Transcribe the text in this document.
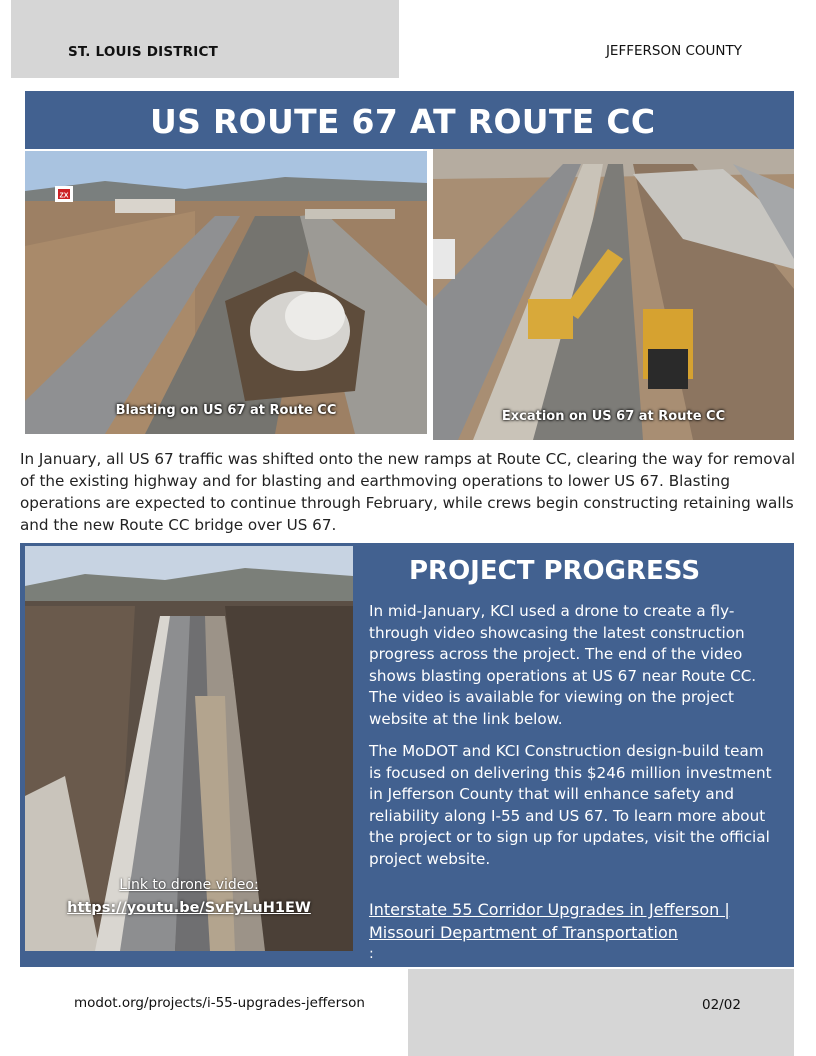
ST. LOUIS DISTRICT	JEFFERSON COUNTY
US ROUTE 67 AT ROUTE CC
ZX
Blasting on US 67 at Route CC	Excation on US 67 at Route CC
In January, all US 67 traffic was shifted onto the new ramps at Route CC, clearing the way for removal of the existing highway and for blasting and earthmoving operations to lower US 67. Blasting operations are expected to continue through February, while crews begin constructing retaining walls and the new Route CC bridge over US 67.
Link to drone video:
https://youtu.be/SvFyLuH1EW
PROJECT PROGRESS
In mid-January, KCI used a drone to create a fly-through video showcasing the latest construction progress across the project. The end of the video shows blasting operations at US 67 near Route CC. The video is available for viewing on the project website at the link below.
The MoDOT and KCI Construction design-build team is focused on delivering this $246 million investment in Jefferson County that will enhance safety and reliability along I-55 and US 67. To learn more about the project or to sign up for updates, visit the official project website.
Interstate 55 Corridor Upgrades in Jefferson | Missouri Department of Transportation
:
modot.org/projects/i-55-upgrades-jefferson	02/02
